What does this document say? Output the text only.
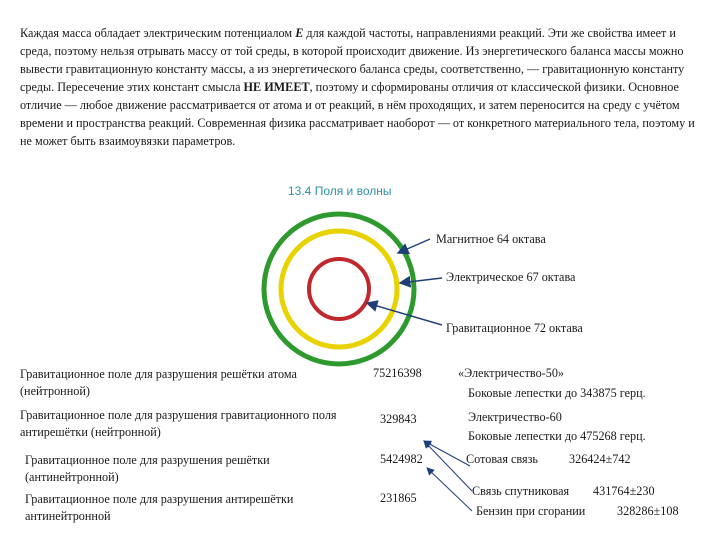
Каждая масса обладает электрическим потенциалом E для каждой частоты, направлениями реакций. Эти же свойства имеет и среда, поэтому нельзя отрывать массу от той среды, в которой происходит движение. Из энергетического баланса массы можно вывести гравитационную константу массы, а из энергетического баланса среды, соответственно, — гравитационную константу среды. Пересечение этих констант смысла НЕ ИМЕЕТ, поэтому и сформированы отличия от классической физики. Основное отличие — любое движение рассматривается от атома и от реакций, в нём проходящих, и затем переносится на среду с учётом времени и пространства реакций. Современная физика рассматривает наоборот — от конкретного материального тела, поэтому и не может быть взаимоувязки параметров.

13.4 Поля и волны
Магнитное 64 октава
Электрическое 67 октава
Гравитационное 72 октава
Гравитационное поле для разрушения решётки атома (нейтронной)
75216398	«Электричество-50»
Боковые лепестки до 343875 герц.
Гравитационное поле для разрушения гравитационного поля антирешётки (нейтронной)
329843	Электричество-60
Боковые лепестки до 475268 герц.
Гравитационное поле для разрушения решётки (антинейтронной)
5424982	Сотовая связь	326424±742
Гравитационное поле для разрушения антирешётки антинейтронной
231865	Связь спутниковая 431764±230
Бензин при сгорании	328286±108
